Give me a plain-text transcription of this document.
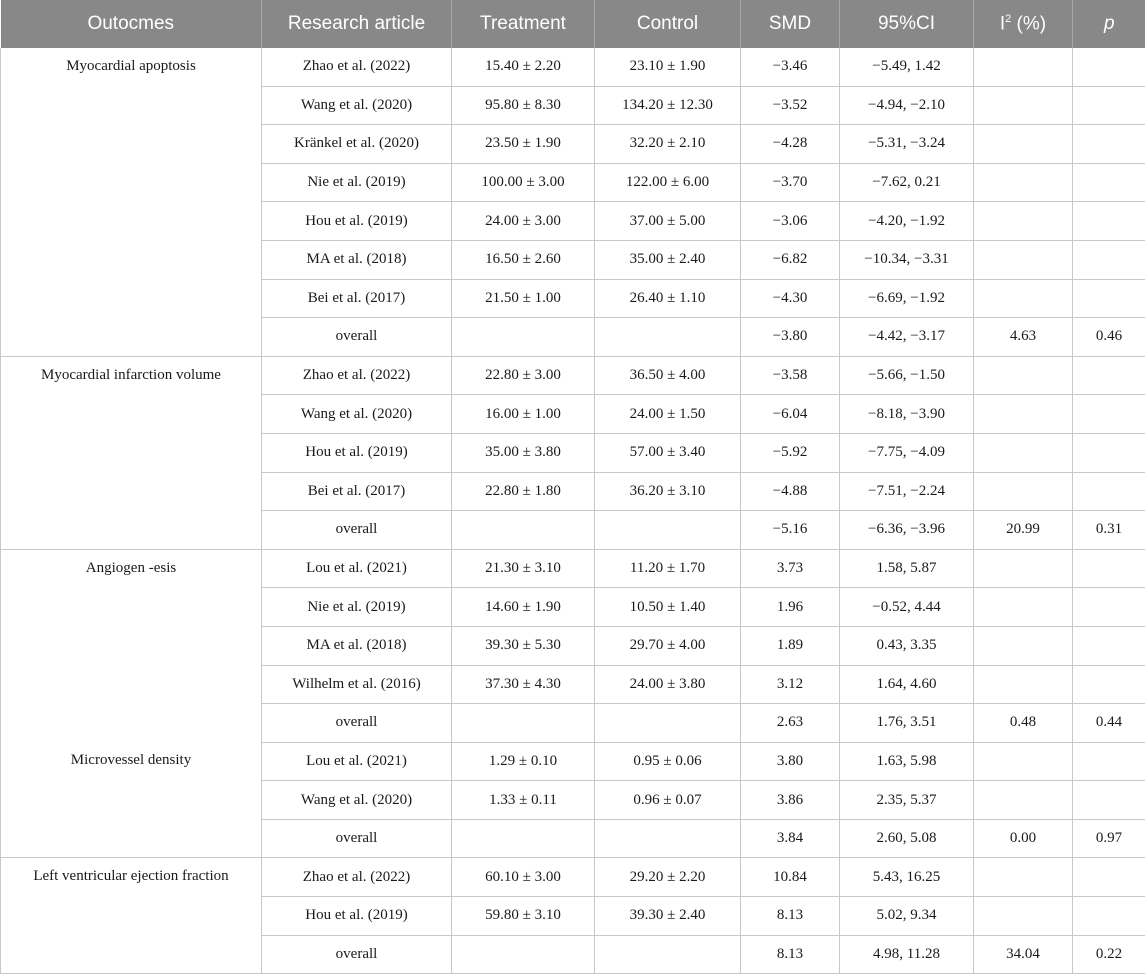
Outocmes	Research article	Treatment	Control	SMD	95%CI	$I^2$ (%)	p
Myocardial apoptosis	Zhao et al. (2022)	15.40 ± 2.20	23.10 ± 1.90	−3.46	−5.49, 1.42		
	Wang et al. (2020)	95.80 ± 8.30	134.20 ± 12.30	−3.52	−4.94, −2.10		
	Kränkel et al. (2020)	23.50 ± 1.90	32.20 ± 2.10	−4.28	−5.31, −3.24		
	Nie et al. (2019)	100.00 ± 3.00	122.00 ± 6.00	−3.70	−7.62, 0.21		
	Hou et al. (2019)	24.00 ± 3.00	37.00 ± 5.00	−3.06	−4.20, −1.92		
	MA et al. (2018)	16.50 ± 2.60	35.00 ± 2.40	−6.82	−10.34, −3.31		
	Bei et al. (2017)	21.50 ± 1.00	26.40 ± 1.10	−4.30	−6.69, −1.92		
	overall			−3.80	−4.42, −3.17	4.63	0.46
Myocardial infarction volume	Zhao et al. (2022)	22.80 ± 3.00	36.50 ± 4.00	−3.58	−5.66, −1.50		
	Wang et al. (2020)	16.00 ± 1.00	24.00 ± 1.50	−6.04	−8.18, −3.90		
	Hou et al. (2019)	35.00 ± 3.80	57.00 ± 3.40	−5.92	−7.75, −4.09		
	Bei et al. (2017)	22.80 ± 1.80	36.20 ± 3.10	−4.88	−7.51, −2.24		
	overall			−5.16	−6.36, −3.96	20.99	0.31
Angiogen -esis	Lou et al. (2021)	21.30 ± 3.10	11.20 ± 1.70	3.73	1.58, 5.87		
	Nie et al. (2019)	14.60 ± 1.90	10.50 ± 1.40	1.96	−0.52, 4.44		
	MA et al. (2018)	39.30 ± 5.30	29.70 ± 4.00	1.89	0.43, 3.35		
	Wilhelm et al. (2016)	37.30 ± 4.30	24.00 ± 3.80	3.12	1.64, 4.60		
	overall			2.63	1.76, 3.51	0.48	0.44
Microvessel density	Lou et al. (2021)	1.29 ± 0.10	0.95 ± 0.06	3.80	1.63, 5.98		
	Wang et al. (2020)	1.33 ± 0.11	0.96 ± 0.07	3.86	2.35, 5.37		
	overall			3.84	2.60, 5.08	0.00	0.97
Left ventricular ejection fraction	Zhao et al. (2022)	60.10 ± 3.00	29.20 ± 2.20	10.84	5.43, 16.25		
	Hou et al. (2019)	59.80 ± 3.10	39.30 ± 2.40	8.13	5.02, 9.34		
	overall			8.13	4.98, 11.28	34.04	0.22
